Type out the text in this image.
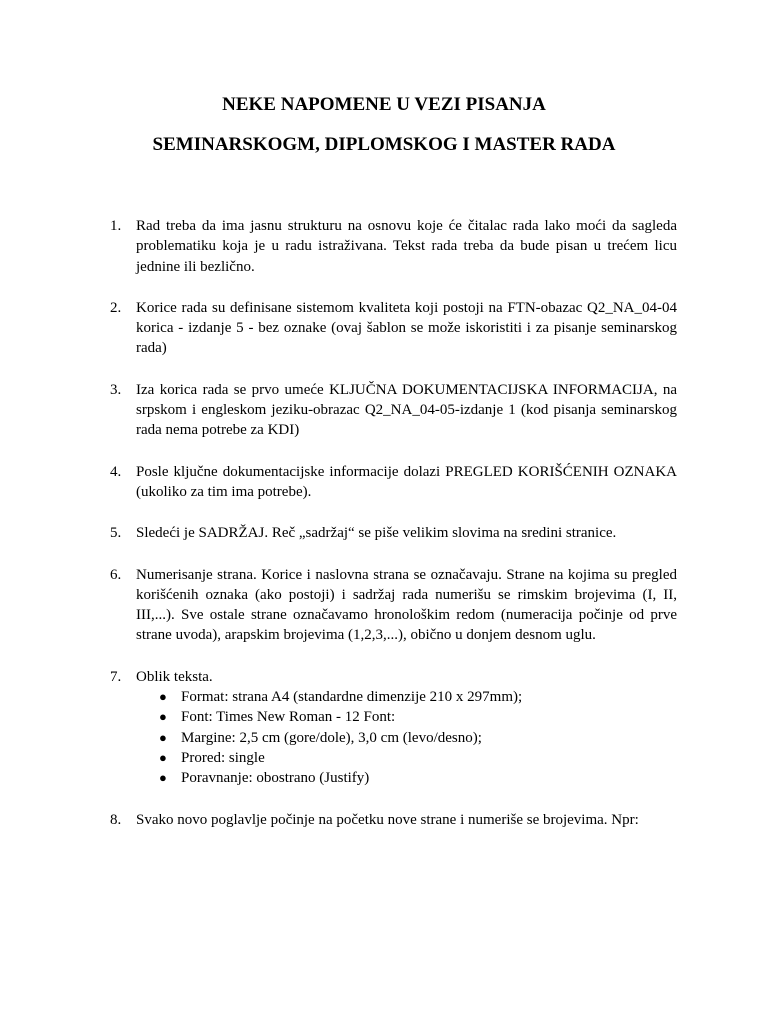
NEKE NAPOMENE U VEZI PISANJA
SEMINARSKOGM, DIPLOMSKOG I MASTER RADA
1. Rad treba da ima jasnu strukturu na osnovu koje će čitalac rada lako moći da sagleda problematiku koja je u radu istraživana. Tekst rada treba da bude pisan u trećem licu jednine ili bezlično.

2. Korice rada su definisane sistemom kvaliteta koji postoji na FTN-obazac Q2_NA_04-04 korica - izdanje 5 - bez oznake (ovaj šablon se može iskoristiti i za pisanje seminarskog rada)

3. Iza korica rada se prvo umeće KLJUČNA DOKUMENTACIJSKA INFORMACIJA, na srpskom i engleskom jeziku-obrazac Q2_NA_04-05-izdanje 1 (kod pisanja seminarskog rada nema potrebe za KDI)

4. Posle ključne dokumentacijske informacije dolazi PREGLED KORIŠĆENIH OZNAKA (ukoliko za tim ima potrebe).

5. Sledeći je SADRŽAJ. Reč „sadržaj“ se piše velikim slovima na sredini stranice.

6. Numerisanje strana. Korice i naslovna strana se označavaju. Strane na kojima su pregled korišćenih oznaka (ako postoji) i sadržaj rada numerišu se rimskim brojevima (I, II, III,...). Sve ostale strane označavamo hronološkim redom (numeracija počinje od prve strane uvoda), arapskim brojevima (1,2,3,...), obično u donjem desnom uglu.

7. Oblik teksta.

● Format: strana A4 (standardne dimenzije 210 x 297mm);
● Font: Times New Roman - 12 Font:
● Margine: 2,5 cm (gore/dole), 3,0 cm (levo/desno);
● Prored: single
● Poravnanje: obostrano (Justify)
8. Svako novo poglavlje počinje na početku nove strane i numeriše se brojevima. Npr:
